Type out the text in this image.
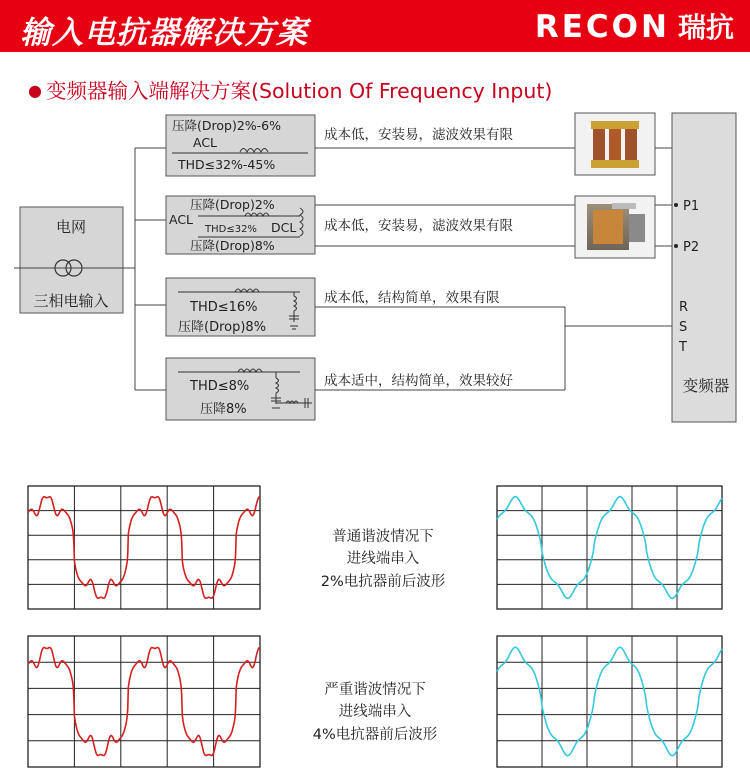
输入电抗器解决方案	RECON 瑞抗
● 变频器输入端解决方案(Solution Of Frequency Input)
电网
三相电输入
压降(Drop)2%-6%
ACL
THD≤32%-45%
压降(Drop)2%
ACL
THD≤32% DCL
压降(Drop)8%
THD≤16%
压降(Drop)8%
THD≤8%
压降8%
成本低，安装易，滤波效果有限
成本低，安装易，滤波效果有限
成本低，结构简单，效果有限
成本适中，结构简单，效果较好
P1
P2
R
S
T
变频器
普通谐波情况下
进线端串入
2%电抗器前后波形
严重谐波情况下
进线端串入
4%电抗器前后波形
